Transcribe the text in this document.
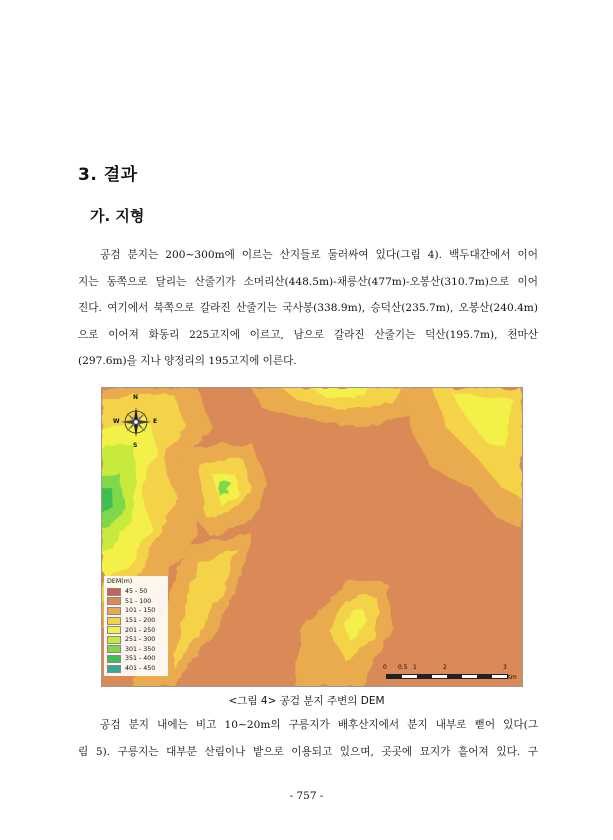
3. 결과
가. 지형
공검 분지는 200∼300m에 이르는 산지들로 둘러싸여 있다(그림 4). 백두대간에서 이어
지는 동쪽으로 달리는 산줄기가 소머리산(448.5m)-채릉산(477m)-오봉산(310.7m)으로 이어
진다. 여기에서 북쪽으로 갈라진 산줄기는 국사봉(338.9m), 승덕산(235.7m), 오봉산(240.4m)
으로 이어져 화동리 225고지에 이르고, 남으로 갈라진 산줄기는 덕산(195.7m), 천마산
(297.6m)을 지나 양정리의 195고지에 이른다.
N
S
W	E
DEM(m)
45 - 50
51 - 100
101 - 150
151 - 200
201 - 250
251 - 300
301 - 350
351 - 400
401 - 450	0 0.5 1	2	3
Km
<그림 4> 공검 분지 주변의 DEM
공검 분지 내에는 비고 10∼20m의 구릉지가 배후산지에서 분지 내부로 뻗어 있다(그
림 5). 구릉지는 대부분 산림이나 밭으로 이용되고 있으며, 곳곳에 묘지가 흩어져 있다. 구
- 757 -
